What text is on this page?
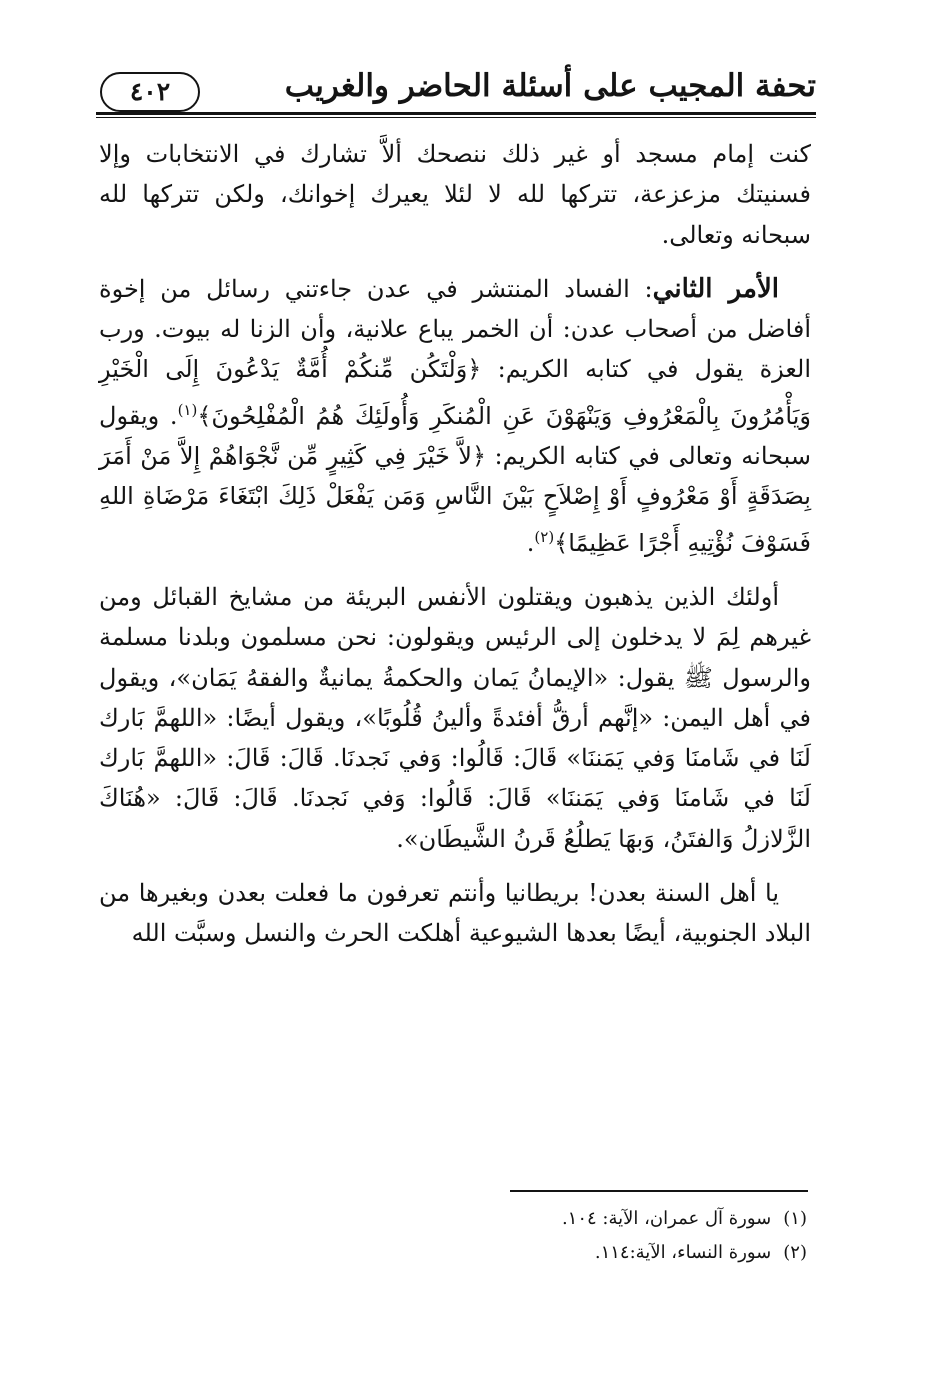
تحفة المجيب على أسئلة الحاضر والغريب
٤٠٢

كنت إمام مسجد أو غير ذلك ننصحك ألاَّ تشارك في الانتخابات وإلا فسنيتك مزعزعة، تتركها لله لا لئلا يعيرك إخوانك، ولكن تتركها لله سبحانه وتعالى.

الأمر الثاني: الفساد المنتشر في عدن جاءتني رسائل من إخوة أفاضل من أصحاب عدن: أن الخمر يباع علانية، وأن الزنا له بيوت. ورب العزة يقول في كتابه الكريم: ﴿وَلْتَكُن مِّنكُمْ أُمَّةٌ يَدْعُونَ إِلَى الْخَيْرِ وَيَأْمُرُونَ بِالْمَعْرُوفِ وَيَنْهَوْنَ عَنِ الْمُنكَرِ وَأُولَئِكَ هُمُ الْمُفْلِحُونَ﴾$^{(١)}$. ويقول سبحانه وتعالى في كتابه الكريم: ﴿لاَّ خَيْرَ فِي كَثِيرٍ مِّن نَّجْوَاهُمْ إِلاَّ مَنْ أَمَرَ بِصَدَقَةٍ أَوْ مَعْرُوفٍ أَوْ إِصْلاَحٍ بَيْنَ النَّاسِ وَمَن يَفْعَلْ ذَلِكَ ابْتَغَاءَ مَرْضَاةِ اللهِ فَسَوْفَ نُؤْتِيهِ أَجْرًا عَظِيمًا﴾$^{(٢)}$.

أولئك الذين يذهبون ويقتلون الأنفس البريئة من مشايخ القبائل ومن غيرهم لِمَ لا يدخلون إلى الرئيس ويقولون: نحن مسلمون وبلدنا مسلمة والرسول ﷺ يقول: «الإيمانُ يَمان والحكمةُ يمانيةٌ والفقهُ يَمَان»، ويقول في أهل اليمن: «إنَّهم أرقُّ أفئدةً وألينُ قُلُوبًا»، ويقول أيضًا: «اللهمَّ بَارك لَنَا في شَامنَا وَفي يَمَننَا» قَالَ: قَالُوا: وَفي نَجدنَا. قَالَ: قَالَ: «اللهمَّ بَارك لَنَا في شَامنَا وَفي يَمَننَا» قَالَ: قَالُوا: وَفي نَجدنَا. قَالَ: قَالَ: «هُنَاكَ الزَّلازلُ وَالفتَنُ، وَبهَا يَطلُعُ قَرنُ الشَّيطَان».

يا أهل السنة بعدن! بريطانيا وأنتم تعرفون ما فعلت بعدن وبغيرها من البلاد الجنوبية، أيضًا بعدها الشيوعية أهلكت الحرث والنسل وسبَّت الله

(١)سورة آل عمران، الآية: ١٠٤.
(٢)سورة النساء، الآية:١١٤.
